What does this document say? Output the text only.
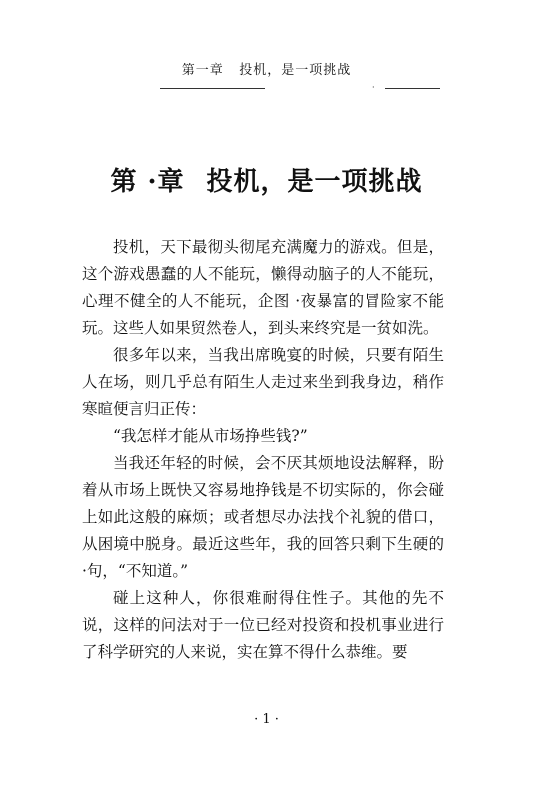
第一章 投机，是一项挑战
·
第 ·章 投机，是一项挑战

投机，天下最彻头彻尾充满魔力的游戏。但是，这个游戏愚蠢的人不能玩，懒得动脑子的人不能玩，心理不健全的人不能玩，企图 ·夜暴富的冒险家不能玩。这些人如果贸然卷人，到头来终究是一贫如洗。

很多年以来，当我出席晚宴的时候，只要有陌生人在场，则几乎总有陌生人走过来坐到我身边，稍作寒暄便言归正传：

“我怎样才能从市场挣些钱?”

当我还年轻的时候，会不厌其烦地设法解释，盼着从市场上既快又容易地挣钱是不切实际的，你会碰上如此这般的麻烦；或者想尽办法找个礼貌的借口，从困境中脱身。最近这些年，我的回答只剩下生硬的 ·句，“不知道。”

碰上这种人，你很难耐得住性子。其他的先不说，这样的问法对于一位已经对投资和投机事业进行了科学研究的人来说，实在算不得什么恭维。要

· 1 ·
